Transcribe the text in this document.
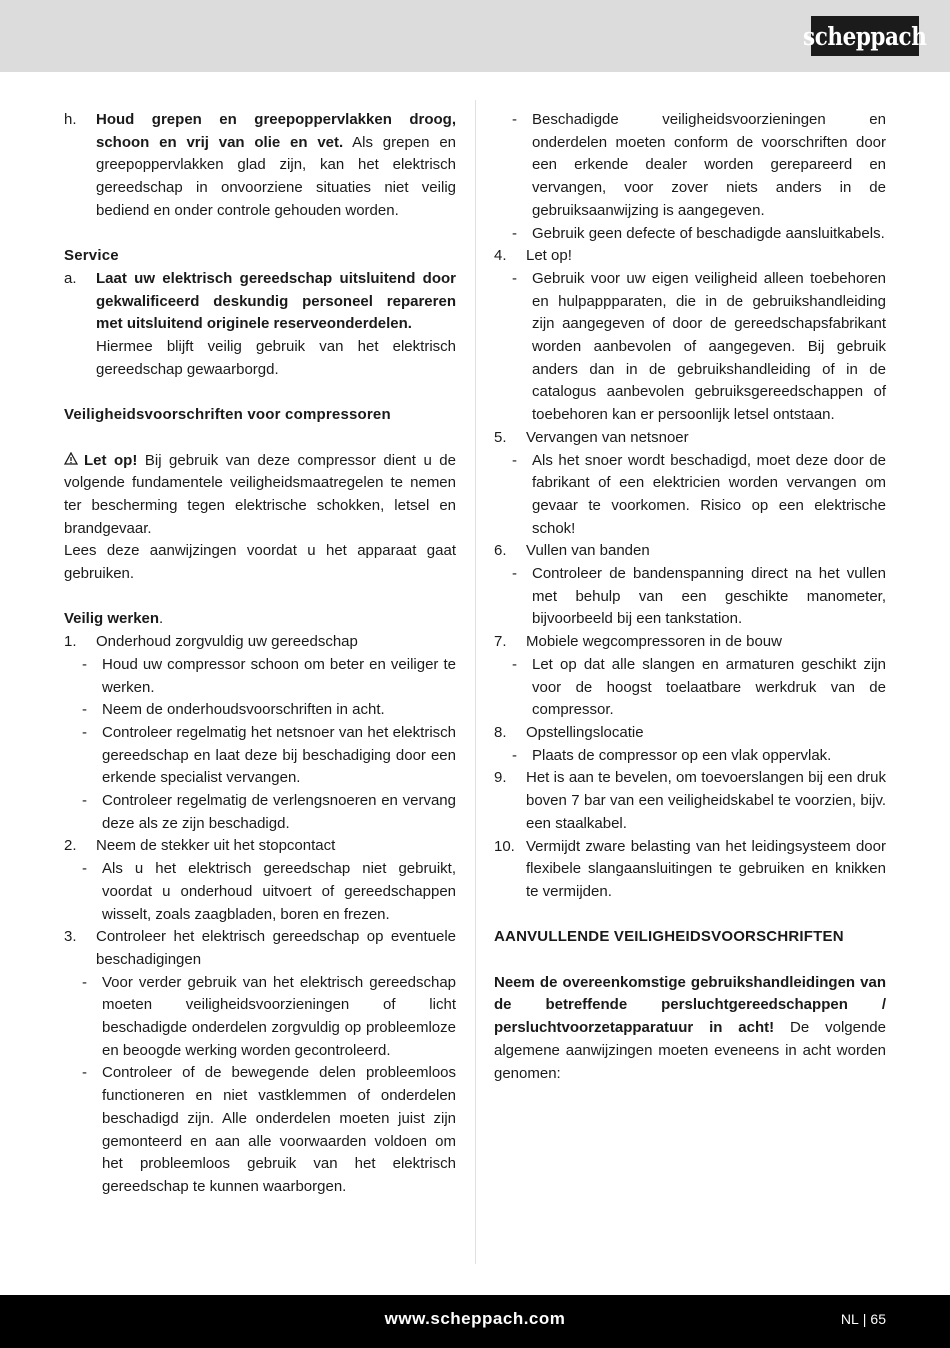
scheppach
h.	Houd grepen en greepoppervlakken droog, schoon en vrij van olie en vet. Als grepen en greepoppervlakken glad zijn, kan het elektrisch gereedschap in onvoorziene situaties niet veilig bediend en onder controle gehouden worden.
Service
a.	Laat uw elektrisch gereedschap uitsluitend door gekwalificeerd deskundig personeel repareren met uitsluitend originele reserveonderdelen.
Hiermee blijft veilig gebruik van het elektrisch gereedschap gewaarborgd.
Veiligheidsvoorschriften voor compressoren

Let op! Bij gebruik van deze compressor dient u de volgende fundamentele veiligheidsmaatregelen te nemen ter bescherming tegen elektrische schokken, letsel en brandgevaar.

Lees deze aanwijzingen voordat u het apparaat gaat gebruiken.

Veilig werken.
1.	Onderhoud zorgvuldig uw gereedschap
-	Houd uw compressor schoon om beter en veiliger te werken.
-	Neem de onderhoudsvoorschriften in acht.
-	Controleer regelmatig het netsnoer van het elektrisch gereedschap en laat deze bij beschadiging door een erkende specialist vervangen.
-	Controleer regelmatig de verlengsnoeren en vervang deze als ze zijn beschadigd.
2.	Neem de stekker uit het stopcontact
-	Als u het elektrisch gereedschap niet gebruikt, voordat u onderhoud uitvoert of gereedschappen wisselt, zoals zaagbladen, boren en frezen.
3.	Controleer het elektrisch gereedschap op eventuele beschadigingen
-	Voor verder gebruik van het elektrisch gereedschap moeten veiligheidsvoorzieningen of licht beschadigde onderdelen zorgvuldig op probleemloze en beoogde werking worden gecontroleerd.
-	Controleer of de bewegende delen probleemloos functioneren en niet vastklemmen of onderdelen beschadigd zijn. Alle onderdelen moeten juist zijn gemonteerd en aan alle voorwaarden voldoen om het probleemloos gebruik van het elektrisch gereedschap te kunnen waarborgen.
-	Beschadigde veiligheidsvoorzieningen en onderdelen moeten conform de voorschriften door een erkende dealer worden gerepareerd en vervangen, voor zover niets anders in de gebruiksaanwijzing is aangegeven.
-	Gebruik geen defecte of beschadigde aansluitkabels.
4.	Let op!
-	Gebruik voor uw eigen veiligheid alleen toebehoren en hulpappparaten, die in de gebruikshandleiding zijn aangegeven of door de gereedschapsfabrikant worden aanbevolen of aangegeven. Bij gebruik anders dan in de gebruikshandleiding of in de catalogus aanbevolen gebruiksgereedschappen of toebehoren kan er persoonlijk letsel ontstaan.
5.	Vervangen van netsnoer
-	Als het snoer wordt beschadigd, moet deze door de fabrikant of een elektricien worden vervangen om gevaar te voorkomen. Risico op een elektrische schok!
6.	Vullen van banden
-	Controleer de bandenspanning direct na het vullen met behulp van een geschikte manometer, bijvoorbeeld bij een tankstation.
7.	Mobiele wegcompressoren in de bouw
-	Let op dat alle slangen en armaturen geschikt zijn voor de hoogst toelaatbare werkdruk van de compressor.
8.	Opstellingslocatie
-	Plaats de compressor op een vlak oppervlak.
9.	Het is aan te bevelen, om toevoerslangen bij een druk boven 7 bar van een veiligheidskabel te voorzien, bijv. een staalkabel.
10. Vermijdt zware belasting van het leidingsysteem door flexibele slangaansluitingen te gebruiken en knikken te vermijden.
AANVULLENDE VEILIGHEIDSVOORSCHRIFTEN

Neem de overeenkomstige gebruikshandleidingen van de betreffende persluchtgereedschappen / persluchtvoorzetapparatuur in acht! De volgende algemene aanwijzingen moeten eveneens in acht worden genomen:

www.scheppach.com	NL | 65
